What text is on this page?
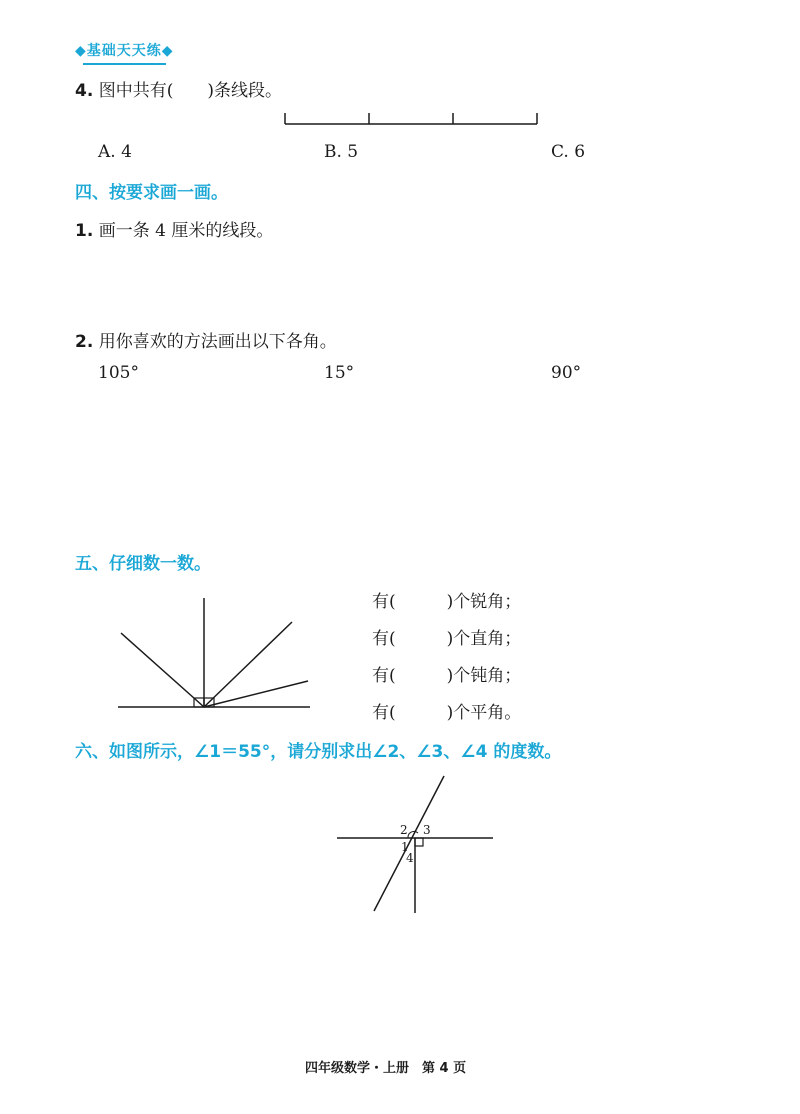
◆基础天天练◆
4. 图中共有(　　)条线段。
A. 4	B. 5	C. 6
四、按要求画一画。
1. 画一条 4 厘米的线段。
2. 用你喜欢的方法画出以下各角。
105°	15°	90°
五、仔细数一数。
有(　　　)个锐角；
有(　　　)个直角；
有(　　　)个钝角；
有(　　　)个平角。
六、如图所示，∠1＝55°，请分别求出∠2、∠3、∠4 的度数。
2 3
1
4
四年级数学・上册　第 4 页
